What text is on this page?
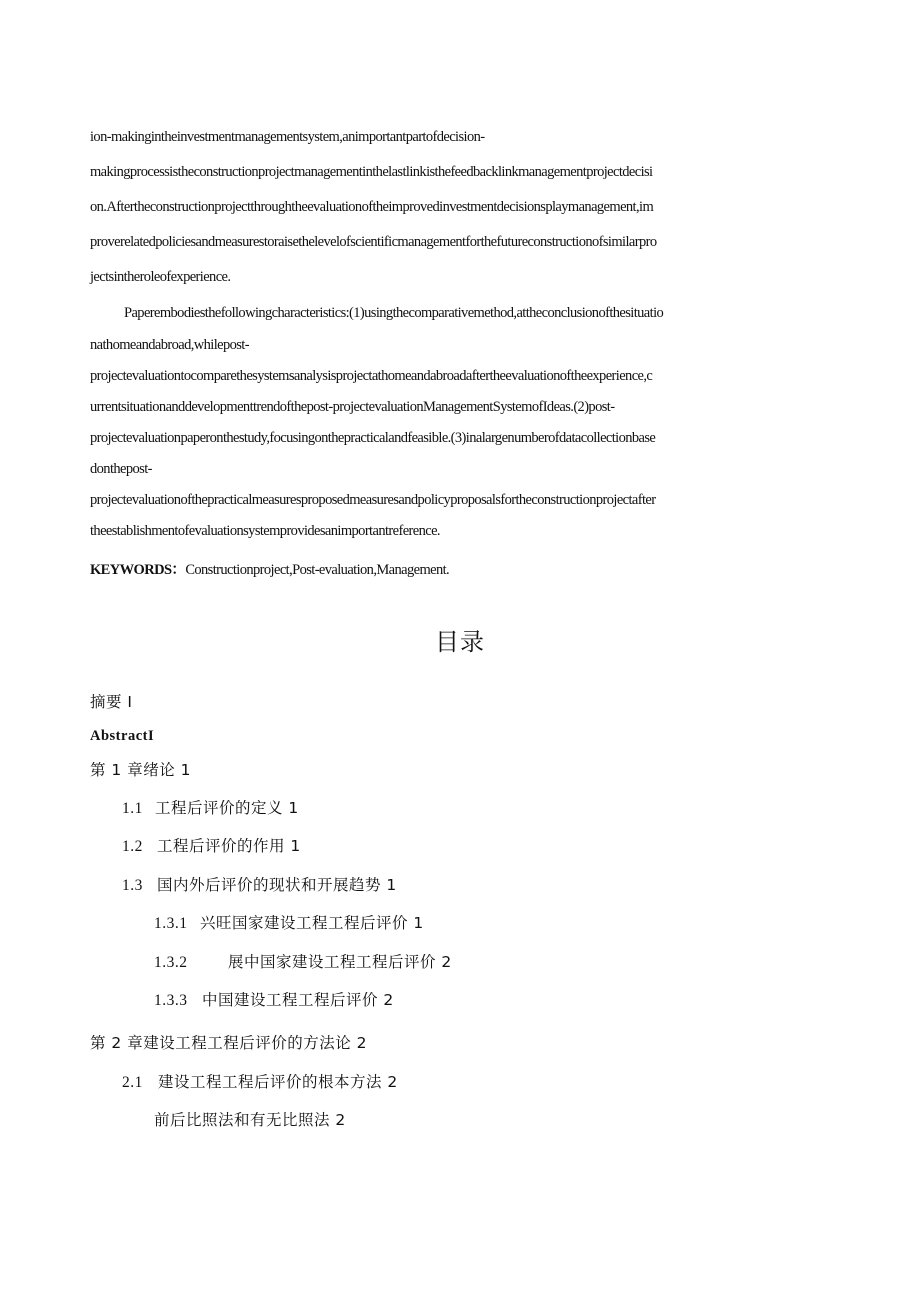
ion-makingintheinvestmentmanagementsystem,animportantpartofdecision-
makingprocessistheconstructionprojectmanagementinthelastlinkisthefeedbacklinkmanagementprojectdecisi
on.Aftertheconstructionprojectthroughtheevaluationoftheimprovedinvestmentdecisionsplaymanagement,im
proverelatedpoliciesandmeasurestoraisethelevelofscientificmanagementforthefutureconstructionofsimilarpro
jectsintheroleofexperience.
Paperembodiesthefollowingcharacteristics:(1)usingthecomparativemethod,attheconclusionofthesituatio
nathomeandabroad,whilepost-
projectevaluationtocomparethesystemsanalysisprojectathomeandabroadaftertheevaluationoftheexperience,c
urrentsituationanddevelopmenttrendofthepost-projectevaluationManagementSystemofIdeas.(2)post-
projectevaluationpaperonthestudy,focusingonthepracticalandfeasible.(3)inalargenumberofdatacollectionbase
donthepost-
projectevaluationofthepracticalmeasuresproposedmeasuresandpolicyproposalsfortheconstructionprojectafter
theestablishmentofevaluationsystemprovidesanimportantreference.
KEYWORDS：Constructionproject,Post-evaluation,Management.
目录
摘要 I
AbstractI
第 1 章绪论 1
1.1 工程后评价的定义 1
1.2 工程后评价的作用 1
1.3 国内外后评价的现状和开展趋势 1
1.3.1 兴旺国家建设工程工程后评价 1
1.3.2	展中国家建设工程工程后评价 2
1.3.3 中国建设工程工程后评价 2
第 2 章建设工程工程后评价的方法论 2
2.1 建设工程工程后评价的根本方法 2
前后比照法和有无比照法 2
